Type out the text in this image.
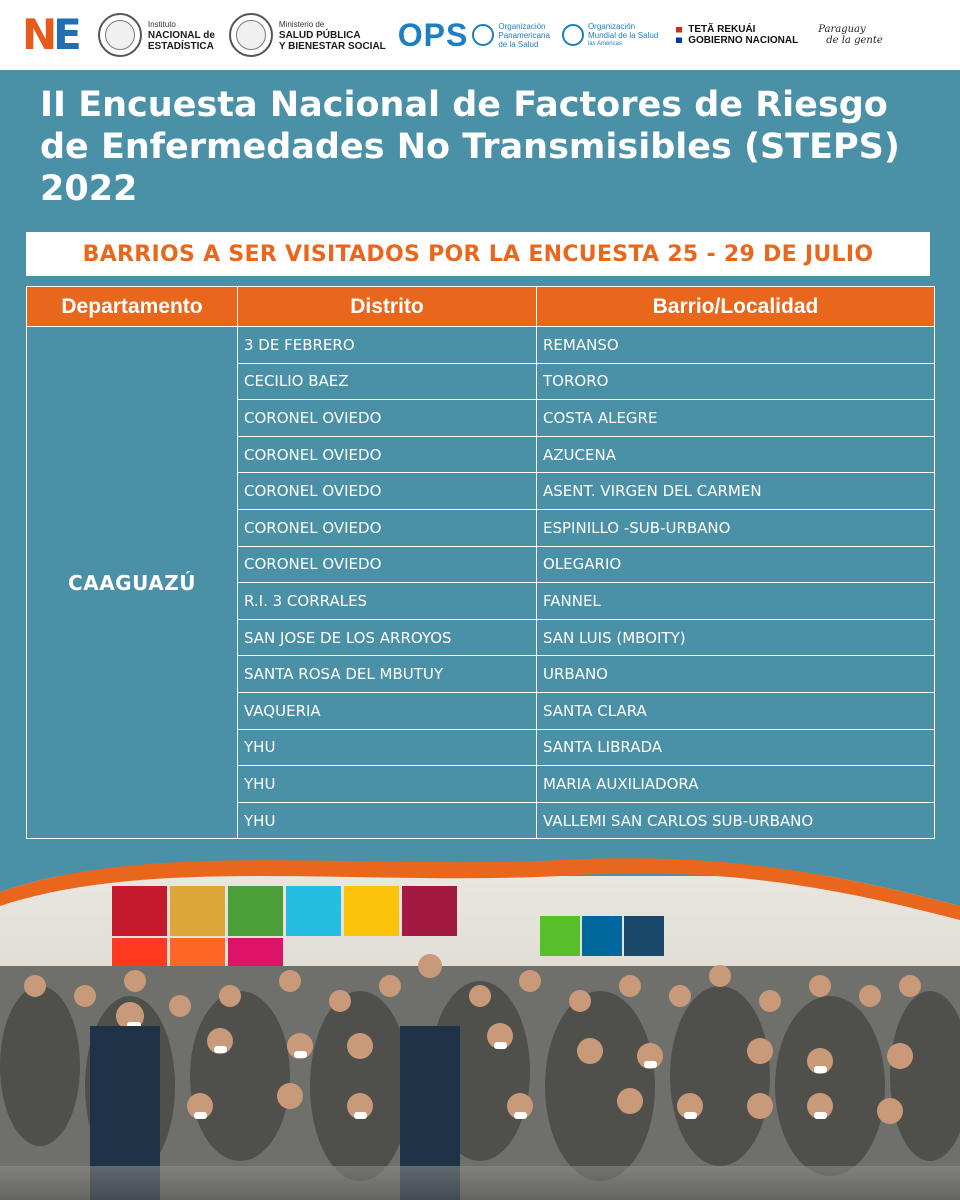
NE	Instituto
NACIONAL de
ESTADÍSTICA
Ministerio de
SALUD PÚBLICA
Y BIENESTAR SOCIAL OPS	Organización
Panamericana
de la Salud
Organización
Mundial de la Salud
las Américas
TETÃ REKUÁI
GOBIERNO NACIONAL
Paraguay
de la gente
II Encuesta Nacional de Factores de Riesgo de Enfermedades No Transmisibles (STEPS) 2022
BARRIOS A SER VISITADOS POR LA ENCUESTA 25 - 29 DE JULIO
Departamento	Distrito	Barrio/Localidad
CAAGUAZÚ	3 DE FEBRERO	REMANSO
	CECILIO BAEZ	TORORO
	CORONEL OVIEDO	COSTA ALEGRE
	CORONEL OVIEDO	AZUCENA
	CORONEL OVIEDO	ASENT. VIRGEN DEL CARMEN
	CORONEL OVIEDO	ESPINILLO -SUB-URBANO
	CORONEL OVIEDO	OLEGARIO
	R.I. 3 CORRALES	FANNEL
	SAN JOSE DE LOS ARROYOS	SAN LUIS (MBOITY)
	SANTA ROSA DEL MBUTUY	URBANO
	VAQUERIA	SANTA CLARA
	YHU	SANTA LIBRADA
	YHU	MARIA AUXILIADORA
	YHU	VALLEMI SAN CARLOS SUB-URBANO
